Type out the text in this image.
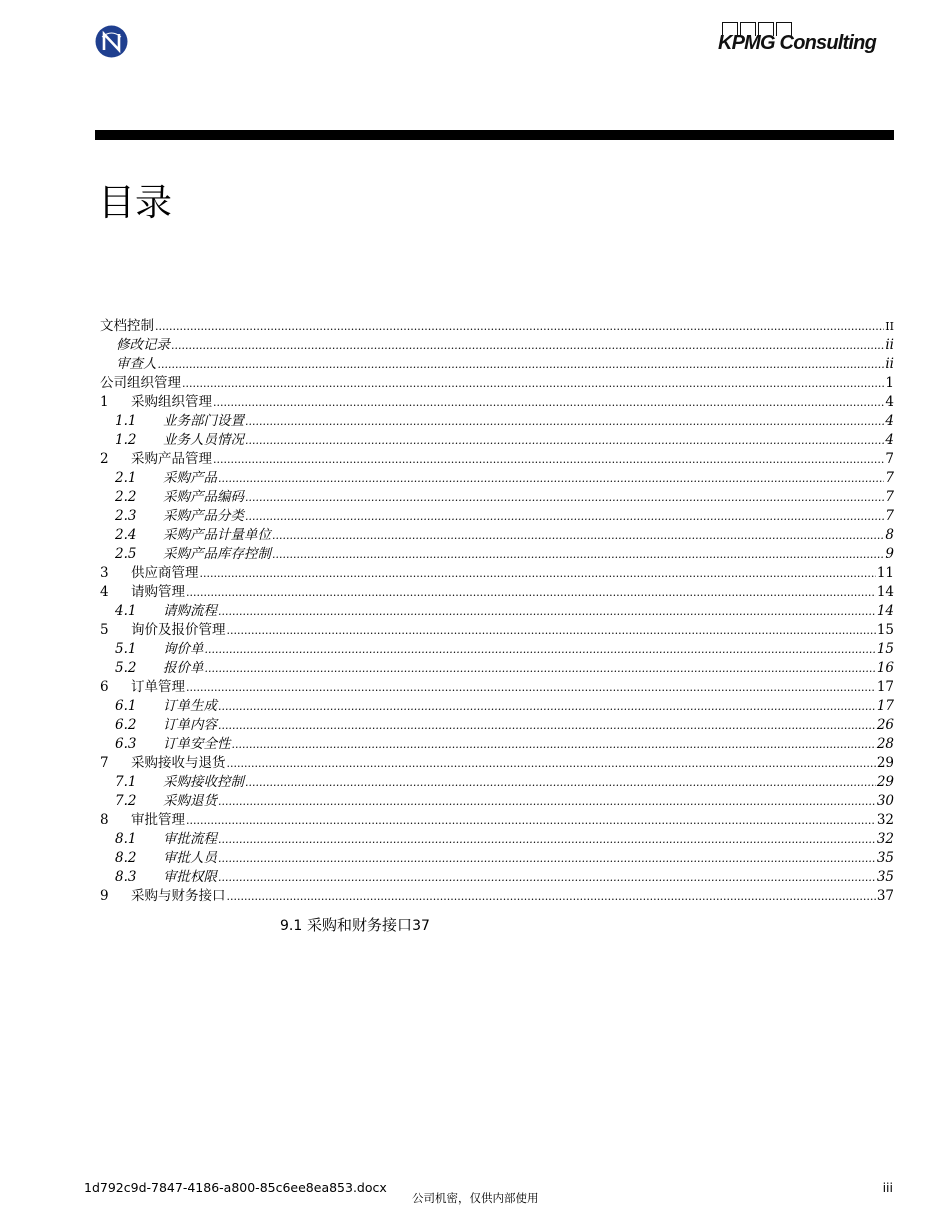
KPMG Consulting
目录
文档控制 .....	II
修改记录 .....	ii
审查人 .....	ii
公司组织管理 .....	1
1	采购组织管理 .....	4
1.1	业务部门设置 .....	4
1.2	业务人员情况 .....	4
2	采购产品管理 .....	7
2.1	采购产品 .....	7
2.2	采购产品编码 .....	7
2.3	采购产品分类 .....	7
2.4	采购产品计量单位 .....	8
2.5	采购产品库存控制 .....	9
3	供应商管理 .....	11
4	请购管理 .....	14
4.1	请购流程 .....	14
5	询价及报价管理 .....	15
5.1	询价单 .....	15
5.2	报价单 .....	16
6	订单管理 .....	17
6.1	订单生成 .....	17
6.2	订单内容 .....	26
6.3	订单安全性 .....	28
7	采购接收与退货 .....	29
7.1	采购接收控制 .....	29
7.2	采购退货 .....	30
8	审批管理 .....	32
8.1	审批流程 .....	32
8.2	审批人员 .....	35
8.3	审批权限 .....	35
9	采购与财务接口 .....	37
9.1 采购和财务接口37
1d792c9d-7847-4186-a800-85c6ee8ea853.docx
公司机密，仅供内部使用
iii
